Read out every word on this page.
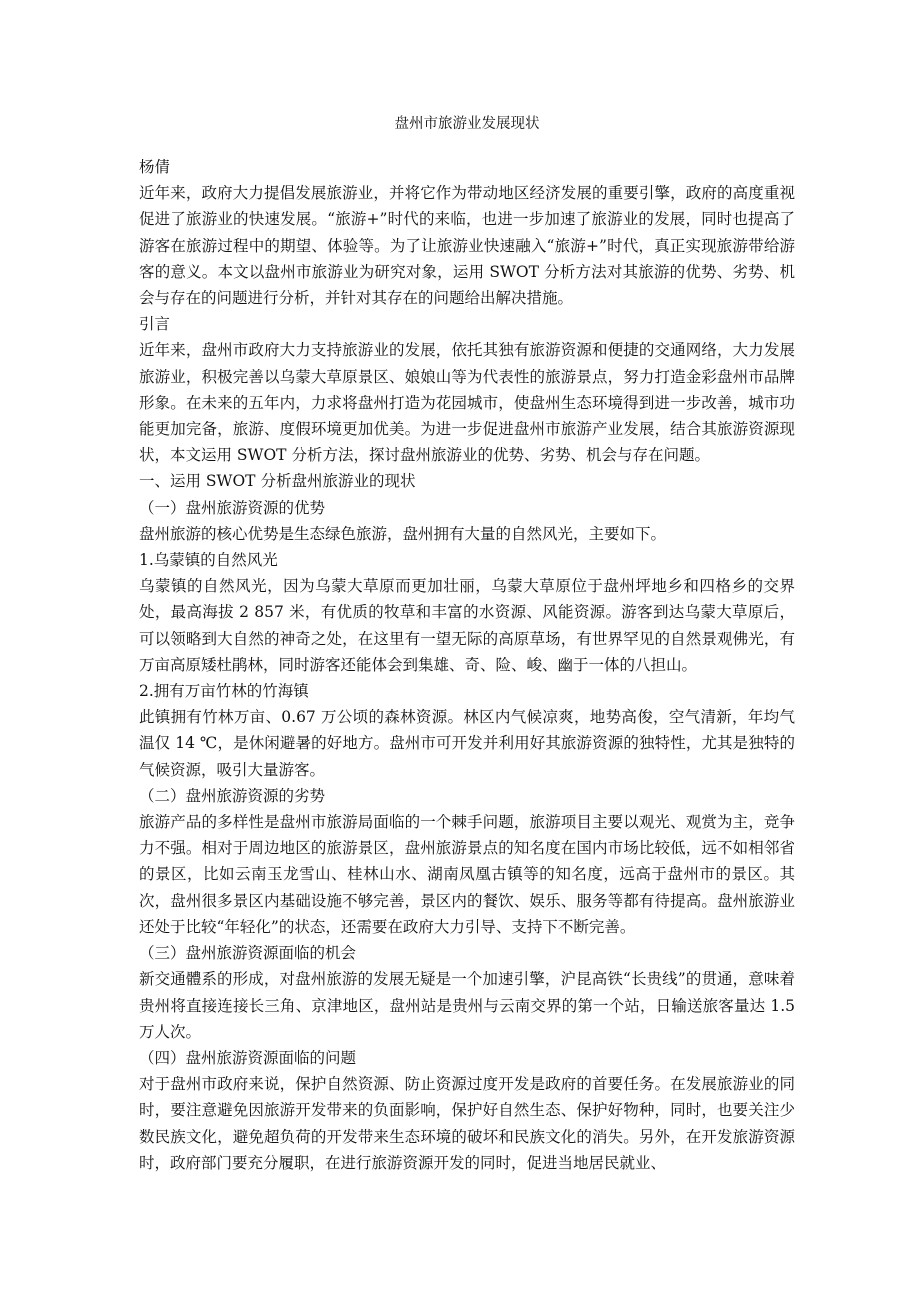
盘州市旅游业发展现状

杨倩

近年来，政府大力提倡发展旅游业，并将它作为带动地区经济发展的重要引擎，政府的高度重视促进了旅游业的快速发展。“旅游+”时代的来临，也进一步加速了旅游业的发展，同时也提高了游客在旅游过程中的期望、体验等。为了让旅游业快速融入“旅游+”时代，真正实现旅游带给游客的意义。本文以盘州市旅游业为研究对象，运用 SWOT 分析方法对其旅游的优势、劣势、机会与存在的问题进行分析，并针对其存在的问题给出解决措施。

引言

近年来，盘州市政府大力支持旅游业的发展，依托其独有旅游资源和便捷的交通网络，大力发展旅游业，积极完善以乌蒙大草原景区、娘娘山等为代表性的旅游景点，努力打造金彩盘州市品牌形象。在未来的五年内，力求将盘州打造为花园城市，使盘州生态环境得到进一步改善，城市功能更加完备，旅游、度假环境更加优美。为进一步促进盘州市旅游产业发展，结合其旅游资源现状，本文运用 SWOT 分析方法，探讨盘州旅游业的优势、劣势、机会与存在问题。

一、运用 SWOT 分析盘州旅游业的现状

（一）盘州旅游资源的优势

盘州旅游的核心优势是生态绿色旅游，盘州拥有大量的自然风光，主要如下。

1.乌蒙镇的自然风光

乌蒙镇的自然风光，因为乌蒙大草原而更加壮丽，乌蒙大草原位于盘州坪地乡和四格乡的交界处，最高海拔 2 857 米，有优质的牧草和丰富的水资源、风能资源。游客到达乌蒙大草原后，可以领略到大自然的神奇之处，在这里有一望无际的高原草场，有世界罕见的自然景观佛光，有万亩高原矮杜鹃林，同时游客还能体会到集雄、奇、险、峻、幽于一体的八担山。

2.拥有万亩竹林的竹海镇

此镇拥有竹林万亩、0.67 万公顷的森林资源。林区内气候凉爽，地势高俊，空气清新，年均气温仅 14 ℃，是休闲避暑的好地方。盘州市可开发并利用好其旅游资源的独特性，尤其是独特的气候资源，吸引大量游客。

（二）盘州旅游资源的劣势

旅游产品的多样性是盘州市旅游局面临的一个棘手问题，旅游项目主要以观光、观赏为主，竞争力不强。相对于周边地区的旅游景区，盘州旅游景点的知名度在国内市场比较低，远不如相邻省的景区，比如云南玉龙雪山、桂林山水、湖南凤凰古镇等的知名度，远高于盘州市的景区。其次，盘州很多景区内基础设施不够完善，景区内的餐饮、娱乐、服务等都有待提高。盘州旅游业还处于比较“年轻化”的状态，还需要在政府大力引导、支持下不断完善。

（三）盘州旅游资源面临的机会

新交通體系的形成，对盘州旅游的发展无疑是一个加速引擎，沪昆高铁“长贵线”的贯通，意味着贵州将直接连接长三角、京津地区，盘州站是贵州与云南交界的第一个站，日输送旅客量达 1.5 万人次。

（四）盘州旅游资源面临的问题

对于盘州市政府来说，保护自然资源、防止资源过度开发是政府的首要任务。在发展旅游业的同时，要注意避免因旅游开发带来的负面影响，保护好自然生态、保护好物种，同时，也要关注少数民族文化，避免超负荷的开发带来生态环境的破坏和民族文化的消失。另外，在开发旅游资源时，政府部门要充分履职，在进行旅游资源开发的同时，促进当地居民就业、
